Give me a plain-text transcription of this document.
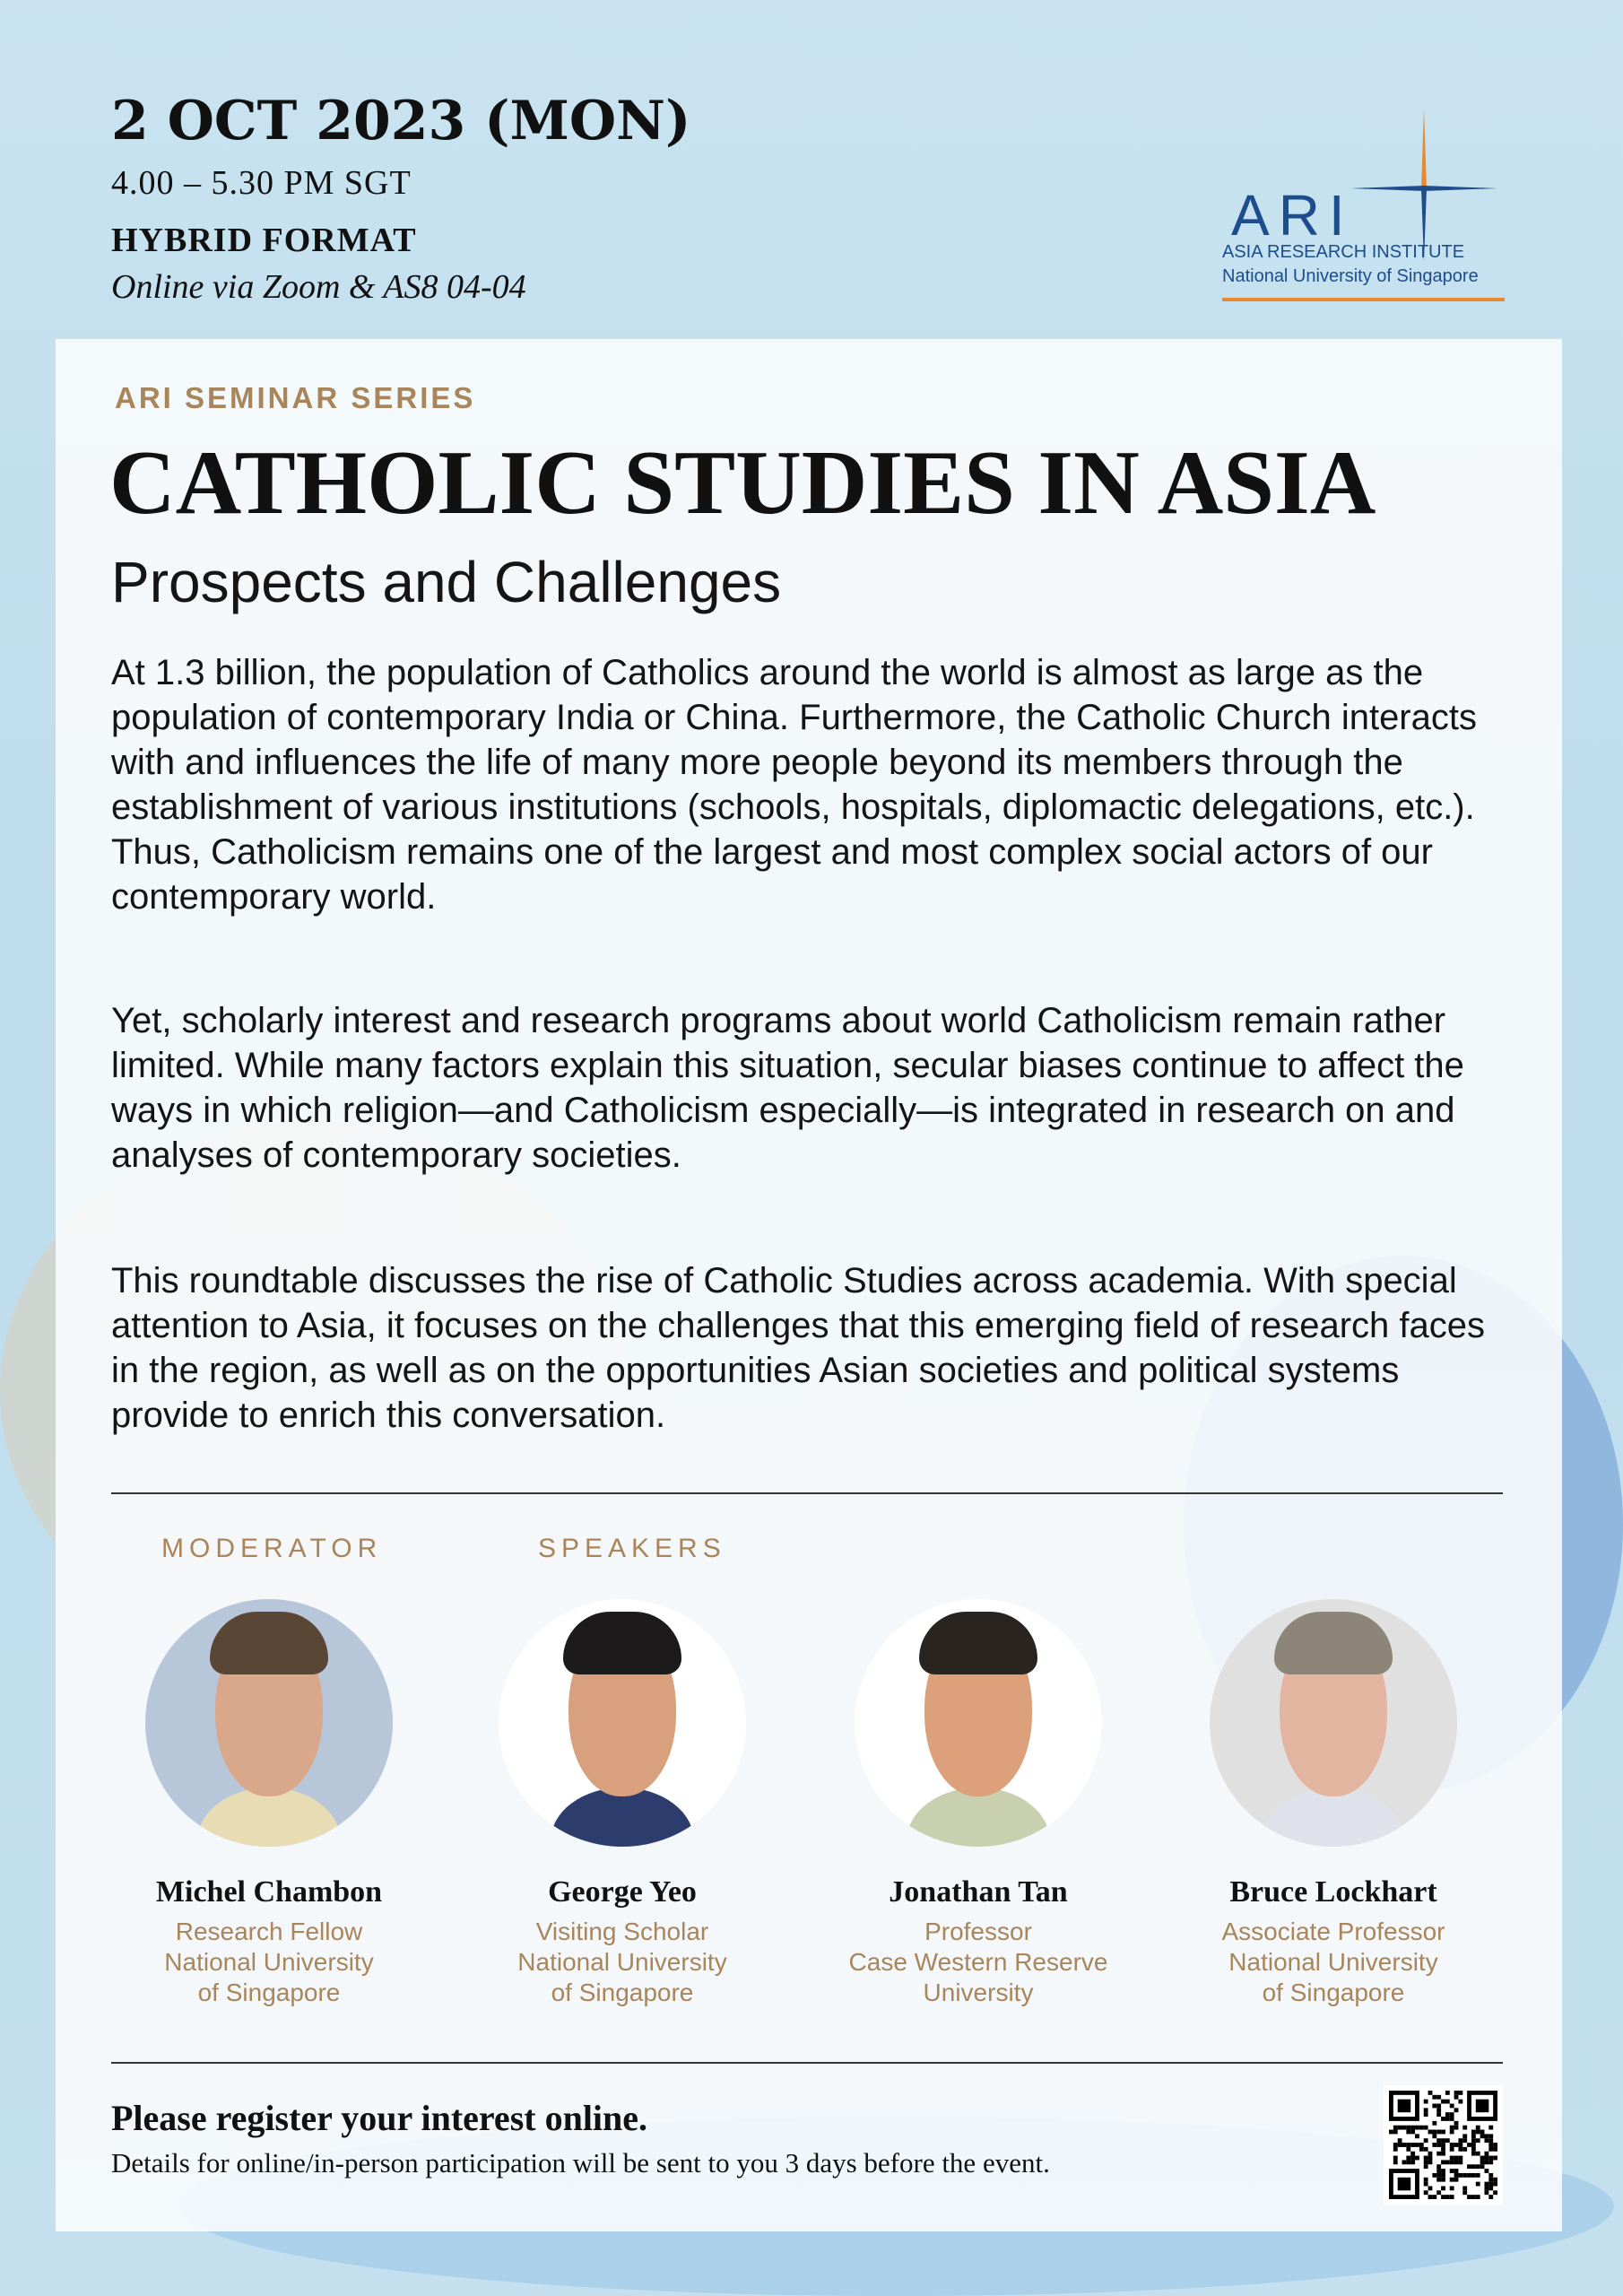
2 OCT 2023 (MON)
4.00 – 5.30 PM SGT
HYBRID FORMAT
Online via Zoom & AS8 04-04
ARI
ASIA RESEARCH INSTITUTE
National University of Singapore
ARI SEMINAR SERIES
CATHOLIC STUDIES IN ASIA
Prospects and Challenges

At 1.3 billion, the population of Catholics around the world is almost as large as the population of contemporary India or China. Furthermore, the Catholic Church interacts with and influences the life of many more people beyond its members through the establishment of various institutions (schools, hospitals, diplomactic delegations, etc.). Thus, Catholicism remains one of the largest and most complex social actors of our contemporary world.

Yet, scholarly interest and research programs about world Catholicism remain rather limited. While many factors explain this situation, secular biases continue to affect the ways in which religion—and Catholicism especially—is integrated in research on and analyses of contemporary societies.

This roundtable discusses the rise of Catholic Studies across academia. With special attention to Asia, it focuses on the challenges that this emerging field of research faces in the region, as well as on the opportunities Asian societies and political systems provide to enrich this conversation.

MODERATOR	SPEAKERS
Michel Chambon
Research Fellow
National University
of Singapore
George Yeo
Visiting Scholar
National University
of Singapore
Jonathan Tan
Professor
Case Western Reserve
University
Bruce Lockhart
Associate Professor
National University
of Singapore
Please register your interest online.
Details for online/in-person participation will be sent to you 3 days before the event.
